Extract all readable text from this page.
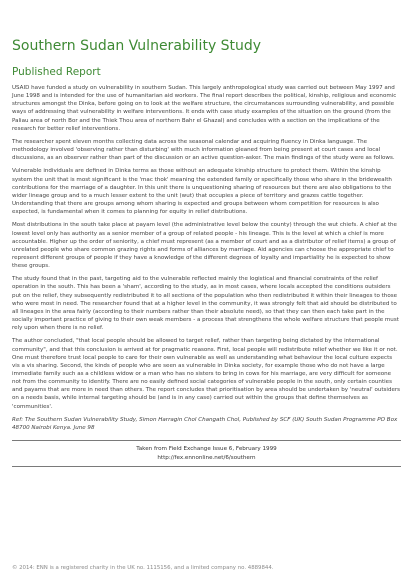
Southern Sudan Vulnerability Study
Published Report

USAID have funded a study on vulnerability in southern Sudan. This largely anthropological study was carried out between May 1997 and June 1998 and is intended for the use of humanitarian aid workers. The final report describes the political, kinship, religious and economic structures amongst the Dinka, before going on to look at the welfare structure, the circumstances surrounding vulnerability, and possible ways of addressing that vulnerability in welfare interventions. It ends with case study examples of the situation on the ground (from the Paliau area of north Bor and the Thiek Thou area of northern Bahr el Ghazal) and concludes with a section on the implications of the research for better relief interventions.

The researcher spent eleven months collecting data across the seasonal calendar and acquiring fluency in Dinka language. The methodology involved 'observing rather than disturbing' with much information gleaned from being present at court cases and local discussions, as an observer rather than part of the discussion or an active question-asker. The main findings of the study were as follows.

Vulnerable individuals are defined in Dinka terms as those without an adequate kinship structure to protect them. Within the kinship system the unit that is most significant is the 'mac thok' meaning the extended family or specifically those who share in the bridewealth contributions for the marriage of a daughter. In this unit there is unquestioning sharing of resources but there are also obligations to the wider lineage group and to a much lesser extent to the unit (wut) that occupies a piece of territory and grazes cattle together. Understanding that there are groups among whom sharing is expected and groups between whom competition for resources is also expected, is fundamental when it comes to planning for equity in relief distributions.

Most distributions in the south take place at payam level (the administrative level below the county) through the wut chiefs. A chief at the lowest level only has authority as a senior member of a group of related people - his lineage. This is the level at which a chief is more accountable. Higher up the order of seniority, a chief must represent (as a member of court and as a distributor of relief items) a group of unrelated people who share common grazing rights and forms of alliances by marriage. Aid agencies can choose the appropriate chief to represent different groups of people if they have a knowledge of the different degrees of loyalty and impartiality he is expected to show these groups.

The study found that in the past, targeting aid to the vulnerable reflected mainly the logistical and financial constraints of the relief operation in the south. This has been a 'sham', according to the study, as in most cases, where locals accepted the conditions outsiders put on the relief, they subsequently redistributed it to all sections of the population who then redistributed it within their lineages to those who were most in need. The researcher found that at a higher level in the community, it was strongly felt that aid should be distributed to all lineages in the area fairly (according to their numbers rather than their absolute need), so that they can then each take part in the socially important practice of giving to their own weak members - a process that strengthens the whole welfare structure that people must rely upon when there is no relief.

The author concluded, "that local people should be allowed to target relief, rather than targeting being dictated by the international community", and that this conclusion is arrived at for pragmatic reasons. First, local people will redistribute relief whether we like it or not. One must therefore trust local people to care for their own vulnerable as well as understanding what behaviour the local culture expects vis a vis sharing. Second, the kinds of people who are seen as vulnerable in Dinka society, for example those who do not have a large immediate family such as a childless widow or a man who has no sisters to bring in cows for his marriage, are very difficult for someone not from the community to identify. There are no easily defined social categories of vulnerable people in the south, only certain counties and payams that are more in need than others. The report concludes that prioritisation by area should be undertaken by 'neutral' outsiders on a needs basis, while internal targeting should be (and is in any case) carried out within the groups that define themselves as 'communities'.

Ref: The Southern Sudan Vulnerability Study, Simon Harragin Chol Changath Chol, Published by SCF (UK) South Sudan Programme PO Box 48700 Nairobi Kenya. June 98

Taken from Field Exchange Issue 6, February 1999
http://fex.ennonline.net/6/southern
© 2014: ENN is a registered charity in the UK no. 1115156, and a limited company no. 4889844.
